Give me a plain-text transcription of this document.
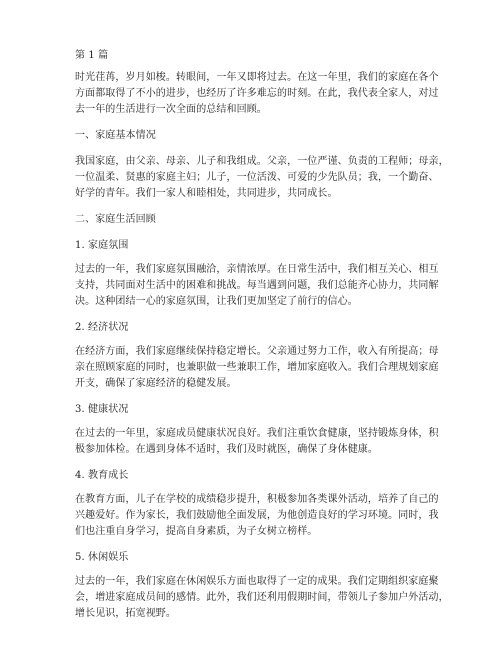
第 1 篇

时光荏苒，岁月如梭。转眼间，一年又即将过去。在这一年里，我们的家庭在各个

方面都取得了不小的进步，也经历了许多难忘的时刻。在此，我代表全家人，对过

去一年的生活进行一次全面的总结和回顾。

一、家庭基本情况

我国家庭，由父亲、母亲、儿子和我组成。父亲，一位严谨、负责的工程师；母亲，

一位温柔、贤惠的家庭主妇；儿子，一位活泼、可爱的少先队员；我，一个勤奋、

好学的青年。我们一家人和睦相处，共同进步，共同成长。

二、家庭生活回顾

1. 家庭氛围

过去的一年，我们家庭氛围融洽，亲情浓厚。在日常生活中，我们相互关心、相互

支持，共同面对生活中的困难和挑战。每当遇到问题，我们总能齐心协力，共同解

决。这种团结一心的家庭氛围，让我们更加坚定了前行的信心。

2. 经济状况

在经济方面，我们家庭继续保持稳定增长。父亲通过努力工作，收入有所提高；母

亲在照顾家庭的同时，也兼职做一些兼职工作，增加家庭收入。我们合理规划家庭

开支，确保了家庭经济的稳健发展。

3. 健康状况

在过去的一年里，家庭成员健康状况良好。我们注重饮食健康，坚持锻炼身体，积

极参加体检。在遇到身体不适时，我们及时就医，确保了身体健康。

4. 教育成长

在教育方面，儿子在学校的成绩稳步提升，积极参加各类课外活动，培养了自己的

兴趣爱好。作为家长，我们鼓励他全面发展，为他创造良好的学习环境。同时，我

们也注重自身学习，提高自身素质，为子女树立榜样。

5. 休闲娱乐

过去的一年，我们家庭在休闲娱乐方面也取得了一定的成果。我们定期组织家庭聚

会，增进家庭成员间的感情。此外，我们还利用假期时间，带领儿子参加户外活动，

增长见识，拓宽视野。
